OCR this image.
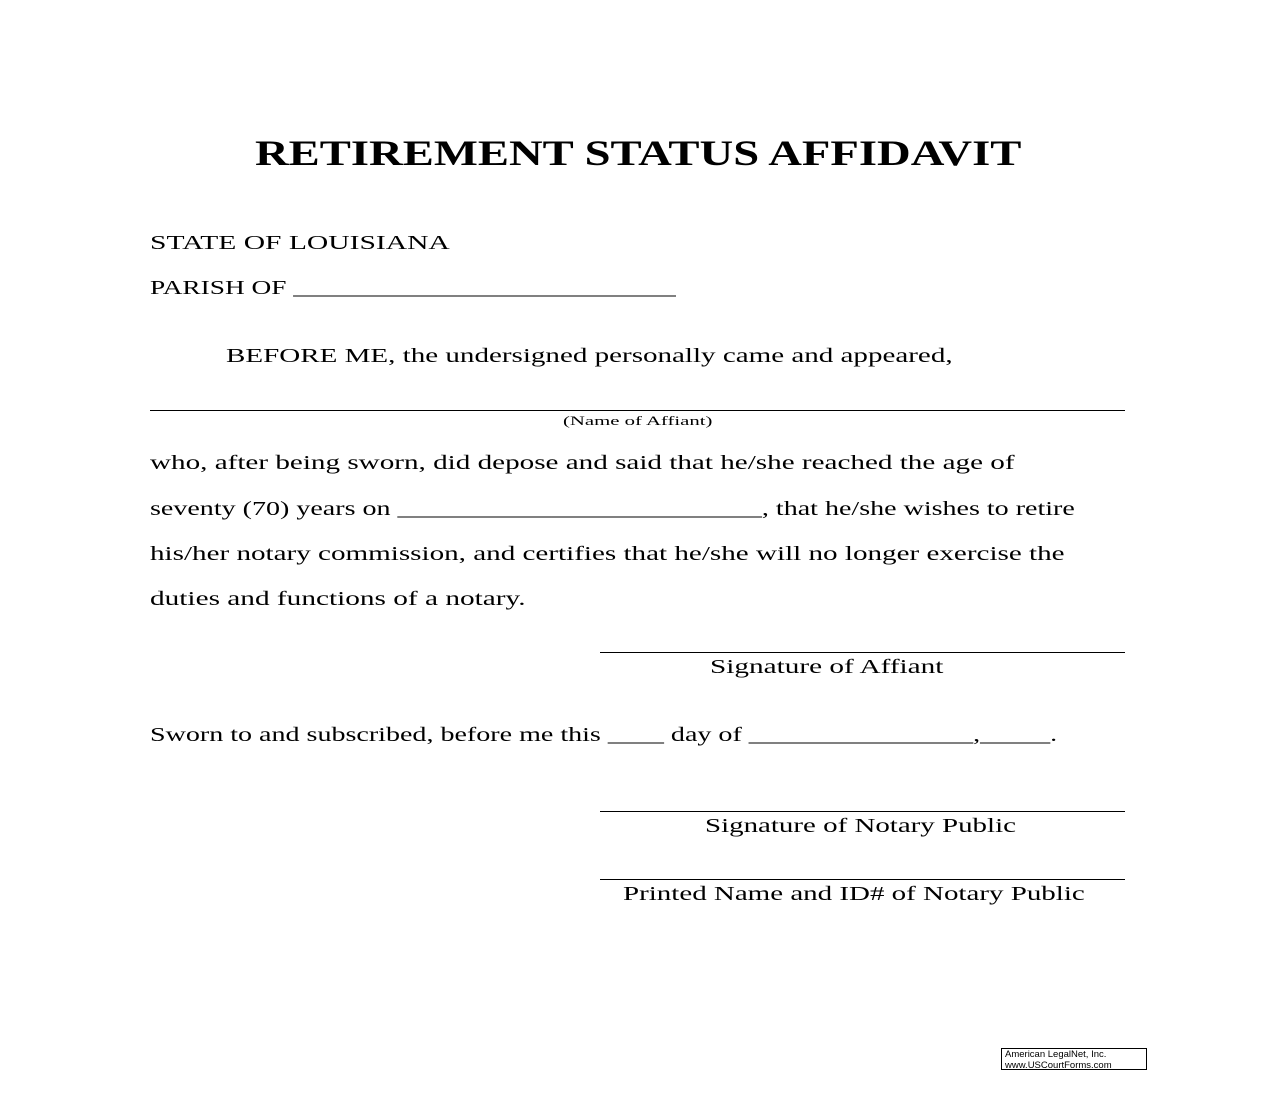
RETIREMENT STATUS AFFIDAVIT
STATE OF LOUISIANA
PARISH OF ____________________________
BEFORE ME, the undersigned personally came and appeared,
(Name of Affiant)
who, after being sworn, did depose and said that he/she reached the age of
seventy (70) years on __________________________, that he/she wishes to retire
his/her notary commission, and certifies that he/she will no longer exercise the
duties and functions of a notary.
Signature of Affiant
Sworn to and subscribed, before me this ____ day of ________________,_____.
Signature of Notary Public
Printed Name and ID# of Notary Public
American LegalNet, Inc.
www.USCourtForms.com
